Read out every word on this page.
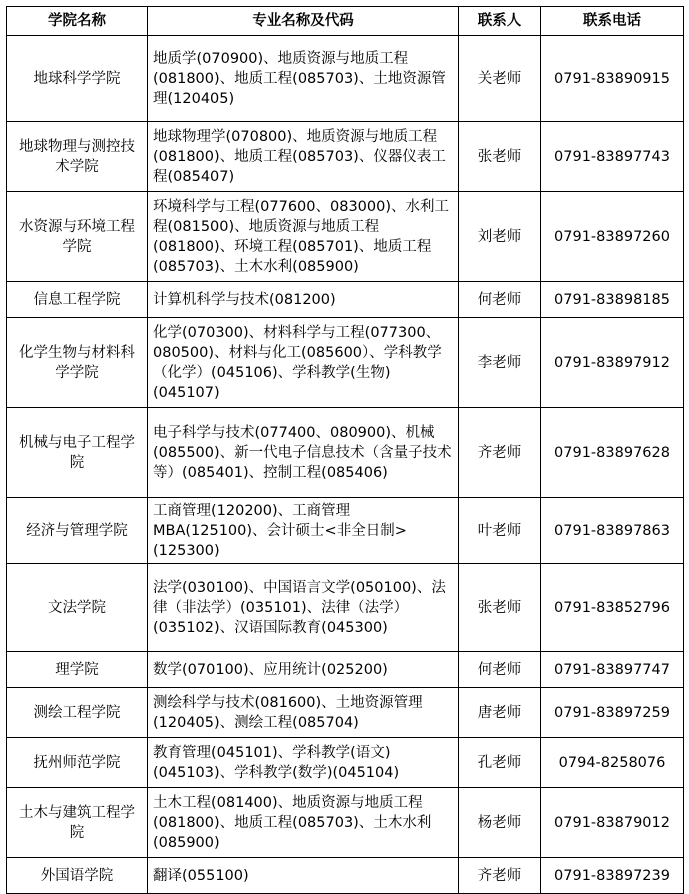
学院名称	专业名称及代码	联系人	联系电话
地球科学学院	地质学(070900)、地质资源与地质工程(081800)、地质工程(085703)、土地资源管理(120405)	关老师	0791-83890915
地球物理与测控技术学院	地球物理学(070800)、地质资源与地质工程(081800)、地质工程(085703)、仪器仪表工程(085407)	张老师	0791-83897743
水资源与环境工程学院	环境科学与工程(077600、083000)、水利工程(081500)、地质资源与地质工程(081800)、环境工程(085701)、地质工程(085703)、土木水利(085900)	刘老师	0791-83897260
信息工程学院	计算机科学与技术(081200)	何老师	0791-83898185
化学生物与材料科学学院	化学(070300)、材料科学与工程(077300、080500)、材料与化工(085600）、学科教学（化学）(045106)、学科教学(生物)(045107)	李老师	0791-83897912
机械与电子工程学院	电子科学与技术(077400、080900)、机械(085500)、新一代电子信息技术（含量子技术等）(085401)、控制工程(085406)	齐老师	0791-83897628
经济与管理学院	工商管理(120200)、工商管理MBA(125100)、会计硕士<非全日制>(125300)	叶老师	0791-83897863
文法学院	法学(030100)、中国语言文学(050100)、法律（非法学）(035101)、法律（法学）(035102)、汉语国际教育(045300)	张老师	0791-83852796
理学院	数学(070100)、应用统计(025200)	何老师	0791-83897747
测绘工程学院	测绘科学与技术(081600)、土地资源管理(120405)、测绘工程(085704)	唐老师	0791-83897259
抚州师范学院	教育管理(045101)、学科教学(语文)(045103)、学科教学(数学)(045104)	孔老师	0794-8258076
土木与建筑工程学院	土木工程(081400)、地质资源与地质工程(081800)、地质工程(085703)、土木水利(085900)	杨老师	0791-83879012
外国语学院	翻译(055100)	齐老师	0791-83897239
